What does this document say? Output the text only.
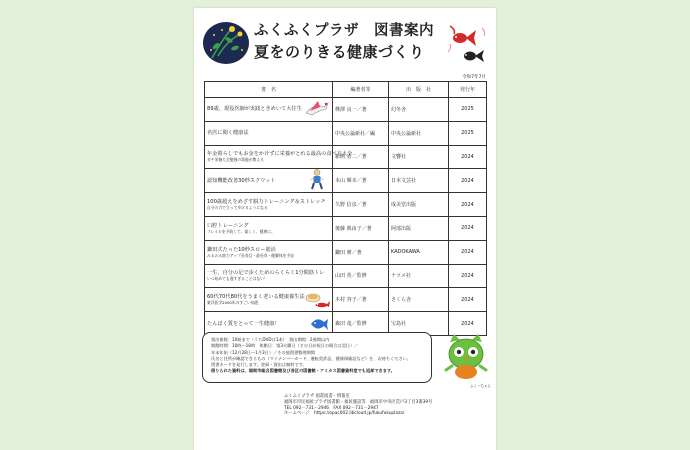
ふくふくプラザ　図書案内
夏をのりきる健康づくり
令和7年7月
書　名	編著者等	出　版　社	発行年

89歳、現役医師が実践ときめいて大往生	樺澤 良一／著	幻冬舎	2025

名医に聞く健康法	中央公論新社／編	中央公論新社	2025

年金暮らしでもお金をかけずに栄養がとれる最高の食べ方大全
ガチ栄養大全勉強の効能が教える	新開 省二／著	文響社	2024

認知機能改善30秒スクワット	本山 輝幸／著	日本文芸社	2024

100歳超えをめざす脳力トレーニング＆ストレッチ
自分の力で立って歩けるようになる	久野 信彦／著	成美堂出版	2024

口腔トレーニング
フレイルを予防して、楽しく、健康に。	後藤 典由子／著	阿部出版	2024

鎌田式たった10秒スロー筋活
みるみる筋力アップ長寿目・最長寿・健脚体を手収	鎌田 實／著	KADOKAWA	2024

一生、自分の足で歩くためのらくらく1分間筋トレ
いつ始めても遅すぎることはない！	山田 英／監修	ナツメ社	2024

60代70代80代をうまく老いる健康養生法
東洋医学2000年のすごい知恵	木村 容子／著	さくら舎	2024

たんぱく質をとって一生健康！	森田 竜／監修	宝島社	2024
貸出冊数：10冊まで（うちDVDは1本）　貸出期間：2週間以内
開館時間：10時～18時　休館日：第3火曜日（その日が祝日の場合は翌日）／
年末年始（12月28日～1月3日）／その他図書整理期間
氏名と住所が確認できるもの（マイナンバーカード、運転免許証、健康保険証など）を、お持ちください。
図書カードを発行します。登録・貸出は無料です。
借りられた資料は、福岡市総合図書館及び各区の図書館・アミカス図書資料室でも返却できます。
ふく～ちゃん
ふくふくプラザ 図書図書・情報室
福岡市市民福祉プラザ図書館・福祉施設等　福岡市中央区荒戸3丁目3番39号
TEL 092－731－2946　FAX 092－731－2947
ホームページ　https://opac002.libcloud.jp/fukufukuplaza/
